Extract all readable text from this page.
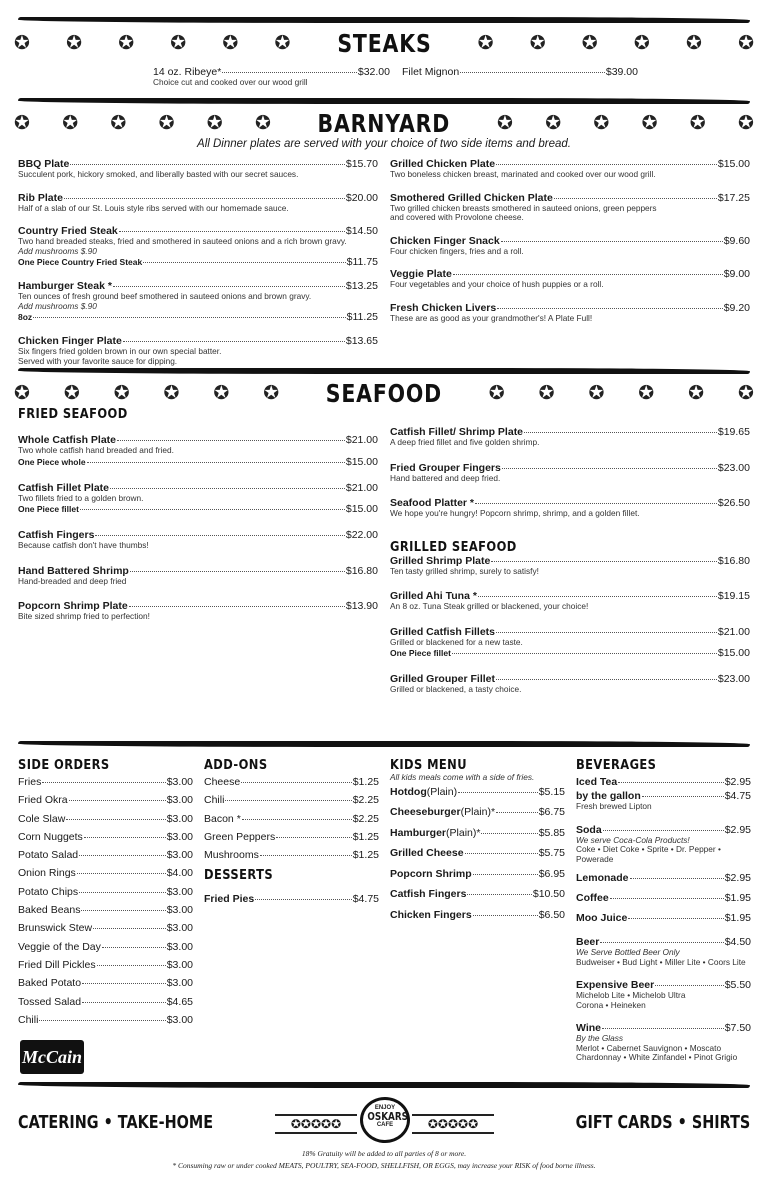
✪ ✪ ✪ ✪ ✪ ✪ STEAKS ✪ ✪ ✪ ✪ ✪ ✪
14 oz. Ribeye*	$32.00
Choice cut and cooked over our wood grill
Filet Mignon	$39.00
✪ ✪ ✪ ✪ ✪ ✪ BARNYARD ✪ ✪ ✪ ✪ ✪ ✪
All Dinner plates are served with your choice of two side items and bread.
BBQ Plate	$15.70
Succulent pork, hickory smoked, and liberally basted with our secret sauces.
Rib Plate	$20.00
Half of a slab of our St. Louis style ribs served with our homemade sauce.
Country Fried Steak	$14.50
Two hand breaded steaks, fried and smothered in sauteed onions and a rich brown gravy.
Add mushrooms $.90
One Piece Country Fried Steak	$11.75
Hamburger Steak *	$13.25
Ten ounces of fresh ground beef smothered in sauteed onions and brown gravy.
Add mushrooms $.90
8oz	$11.25
Chicken Finger Plate	$13.65
Six fingers fried golden brown in our own special batter.
Served with your favorite sauce for dipping.
Grilled Chicken Plate	$15.00
Two boneless chicken breast, marinated and cooked over our wood grill.
Smothered Grilled Chicken Plate	$17.25
Two grilled chicken breasts smothered in sauteed onions, green peppers
and covered with Provolone cheese.
Chicken Finger Snack	$9.60
Four chicken fingers, fries and a roll.
Veggie Plate	$9.00
Four vegetables and your choice of hush puppies or a roll.
Fresh Chicken Livers	$9.20
These are as good as your grandmother's! A Plate Full!
✪ ✪ ✪ ✪ ✪ ✪ SEAFOOD ✪ ✪ ✪ ✪ ✪ ✪
FRIED SEAFOOD
Whole Catfish Plate	$21.00
Two whole catfish hand breaded and fried.
One Piece whole	$15.00
Catfish Fillet Plate	$21.00
Two fillets fried to a golden brown.
One Piece fillet	$15.00
Catfish Fingers	$22.00
Because catfish don't have thumbs!
Hand Battered Shrimp	$16.80
Hand-breaded and deep fried
Popcorn Shrimp Plate	$13.90
Bite sized shrimp fried to perfection!
Catfish Fillet/ Shrimp Plate	$19.65
A deep fried fillet and five golden shrimp.
Fried Grouper Fingers	$23.00
Hand battered and deep fried.
Seafood Platter *	$26.50
We hope you're hungry! Popcorn shrimp, shrimp, and a golden fillet.
GRILLED SEAFOOD
Grilled Shrimp Plate	$16.80
Ten tasty grilled shrimp, surely to satisfy!
Grilled Ahi Tuna *	$19.15
An 8 oz. Tuna Steak grilled or blackened, your choice!
Grilled Catfish Fillets	$21.00
Grilled or blackened for a new taste.
One Piece fillet	$15.00
Grilled Grouper Fillet	$23.00
Grilled or blackened, a tasty choice.
SIDE ORDERS
Fries	$3.00
Fried Okra	$3.00
Cole Slaw	$3.00
Corn Nuggets	$3.00
Potato Salad	$3.00
Onion Rings	$4.00
Potato Chips	$3.00
Baked Beans	$3.00
Brunswick Stew	$3.00
Veggie of the Day	$3.00
Fried Dill Pickles	$3.00
Baked Potato	$3.00
Tossed Salad	$4.65
Chili	$3.00
ADD-ONS
Cheese	$1.25
Chili	$2.25
Bacon *	$2.25
Green Peppers	$1.25
Mushrooms	$1.25
DESSERTS
Fried Pies	$4.75
KIDS MENU
All kids meals come with a side of fries.
Hotdog(Plain)	$5.15
Cheeseburger(Plain)*	$6.75
Hamburger(Plain)*	$5.85
Grilled Cheese	$5.75
Popcorn Shrimp	$6.95
Catfish Fingers	$10.50
Chicken Fingers	$6.50
BEVERAGES
Iced Tea	$2.95
by the gallon	$4.75
Fresh brewed Lipton
Soda	$2.95
We serve Coca-Cola Products!
Coke • Diet Coke • Sprite • Dr. Pepper • Powerade
Lemonade	$2.95
Coffee	$1.95
Moo Juice	$1.95
Beer	$4.50
We Serve Bottled Beer Only
Budweiser • Bud Light • Miller Lite • Coors Lite
Expensive Beer	$5.50
Michelob Lite • Michelob Ultra
Corona • Heineken
Wine	$7.50
By the Glass
Merlot • Cabernet Sauvignon • Moscato
Chardonnay • White Zinfandel • Pinot Grigio
McCain
CATERING • TAKE-HOME	GIFT CARDS • SHIRTS
✪✪✪✪✪	✪✪✪✪✪
ENJOY
OSKARS
CAFE
18% Gratuity will be added to all parties of 8 or more.
* Consuming raw or under cooked MEATS, POULTRY, SEA-FOOD, SHELLFISH, OR EGGS, may increase your RISK of food borne illness.
